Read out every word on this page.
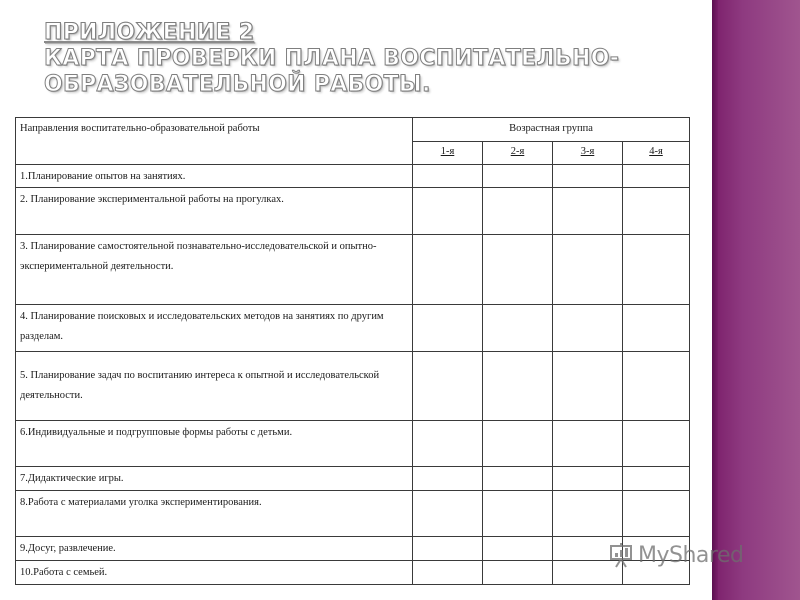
ПРИЛОЖЕНИЕ 2
КАРТА ПРОВЕРКИ ПЛАНА ВОСПИТАТЕЛЬНО-
ОБРАЗОВАТЕЛЬНОЙ РАБОТЫ.
Направления воспитательно-образовательной работы	Возрастная группа			
	1-я	2-я	3-я	4-я
1.Планирование опытов на занятиях.				
2. Планирование экспериментальной работы на прогулках.				
3. Планирование самостоятельной познавательно-исследовательской и опытно-экспериментальной деятельности.				
4. Планирование поисковых и исследовательских методов на занятиях по другим разделам.				
5. Планирование задач по воспитанию интереса к опытной и исследовательской деятельности.				
6.Индивидуальные и подгрупповые формы работы с детьми.				
7.Дидактические игры.				
8.Работа с материалами уголка экспериментирования.				
9.Досуг, развлечение.				
10.Работа с семьей.				
MyShared
